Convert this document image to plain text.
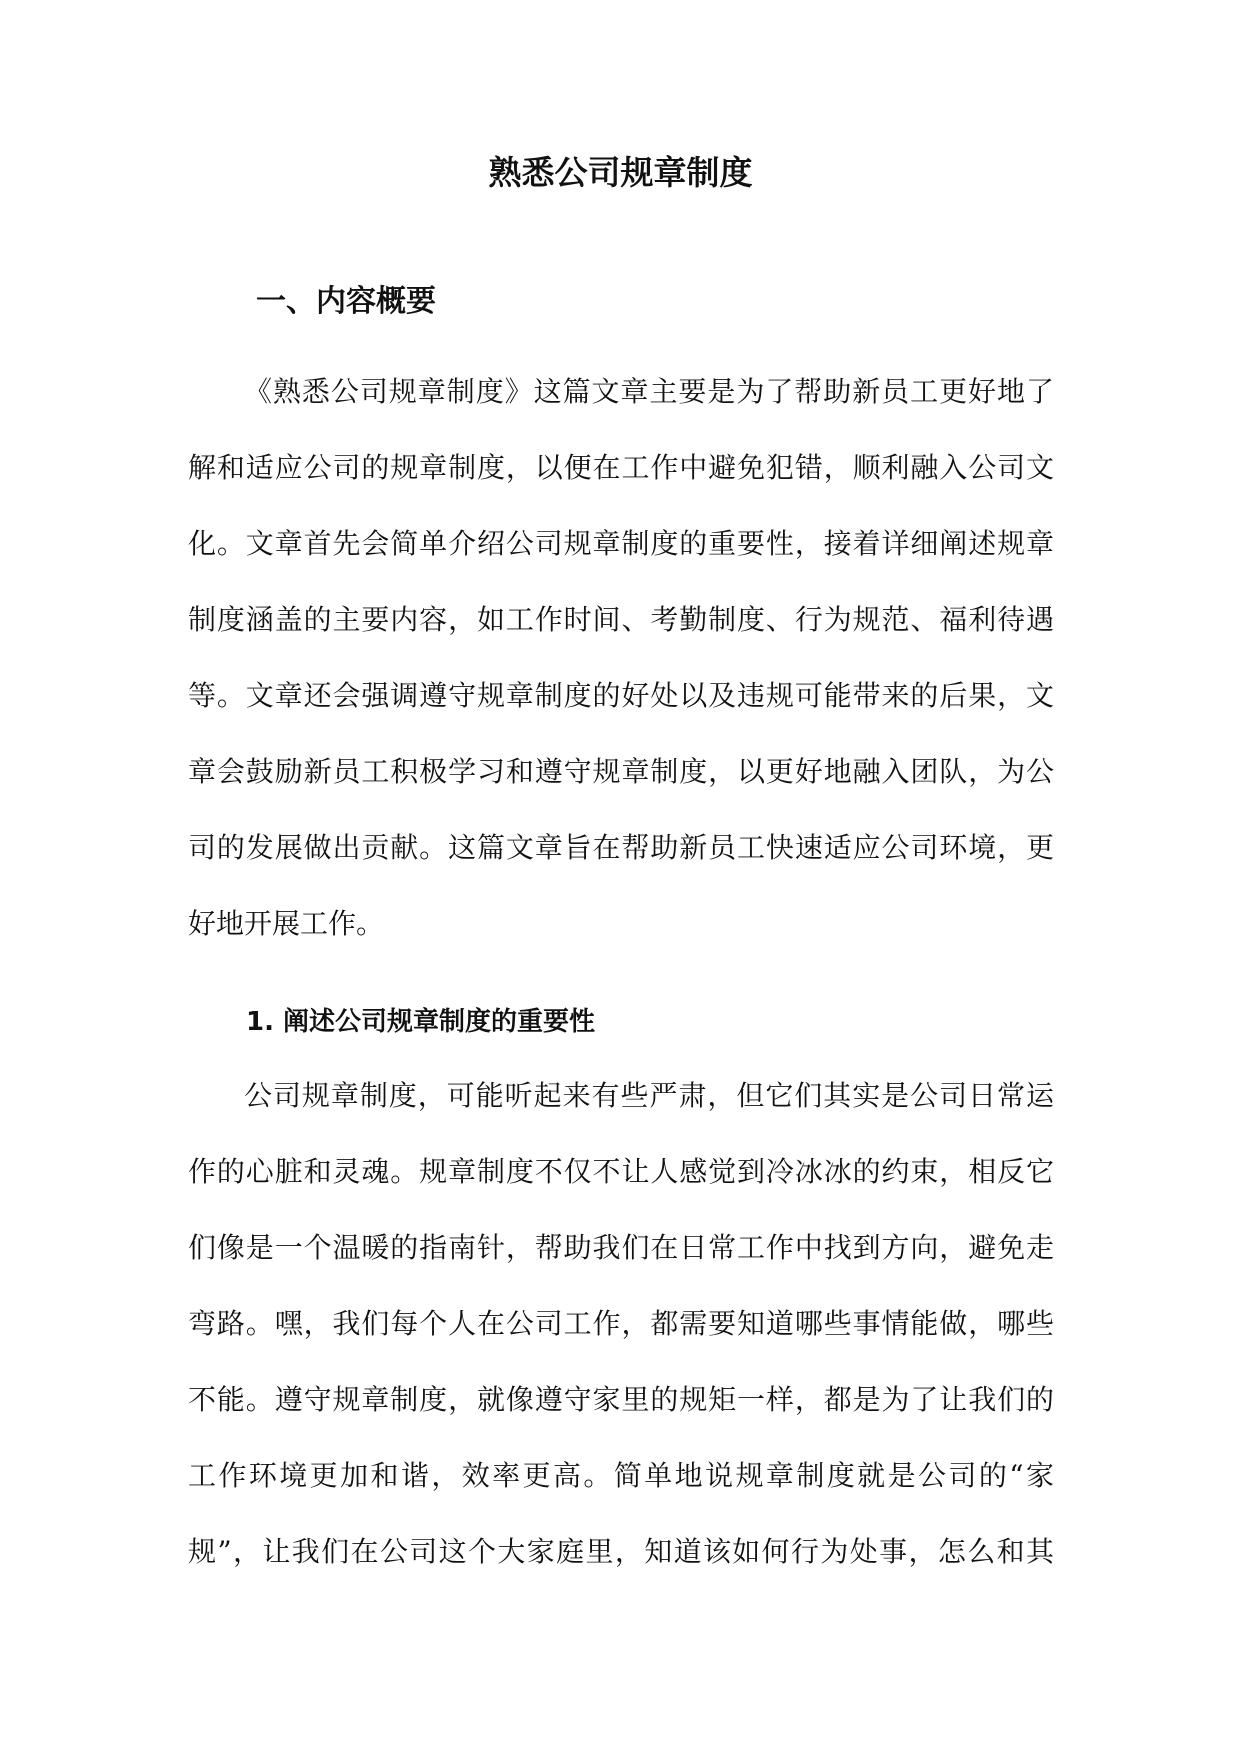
熟悉公司规章制度
一、内容概要
《熟悉公司规章制度》这篇文章主要是为了帮助新员工更好地了
解和适应公司的规章制度，以便在工作中避免犯错，顺利融入公司文
化。文章首先会简单介绍公司规章制度的重要性，接着详细阐述规章
制度涵盖的主要内容，如工作时间、考勤制度、行为规范、福利待遇
等。文章还会强调遵守规章制度的好处以及违规可能带来的后果，文
章会鼓励新员工积极学习和遵守规章制度，以更好地融入团队，为公
司的发展做出贡献。这篇文章旨在帮助新员工快速适应公司环境，更
好地开展工作。
1. 阐述公司规章制度的重要性
公司规章制度，可能听起来有些严肃，但它们其实是公司日常运
作的心脏和灵魂。规章制度不仅不让人感觉到冷冰冰的约束，相反它
们像是一个温暖的指南针，帮助我们在日常工作中找到方向，避免走
弯路。嘿，我们每个人在公司工作，都需要知道哪些事情能做，哪些
不能。遵守规章制度，就像遵守家里的规矩一样，都是为了让我们的
工作环境更加和谐，效率更高。简单地说规章制度就是公司的“家
规”，让我们在公司这个大家庭里，知道该如何行为处事，怎么和其
